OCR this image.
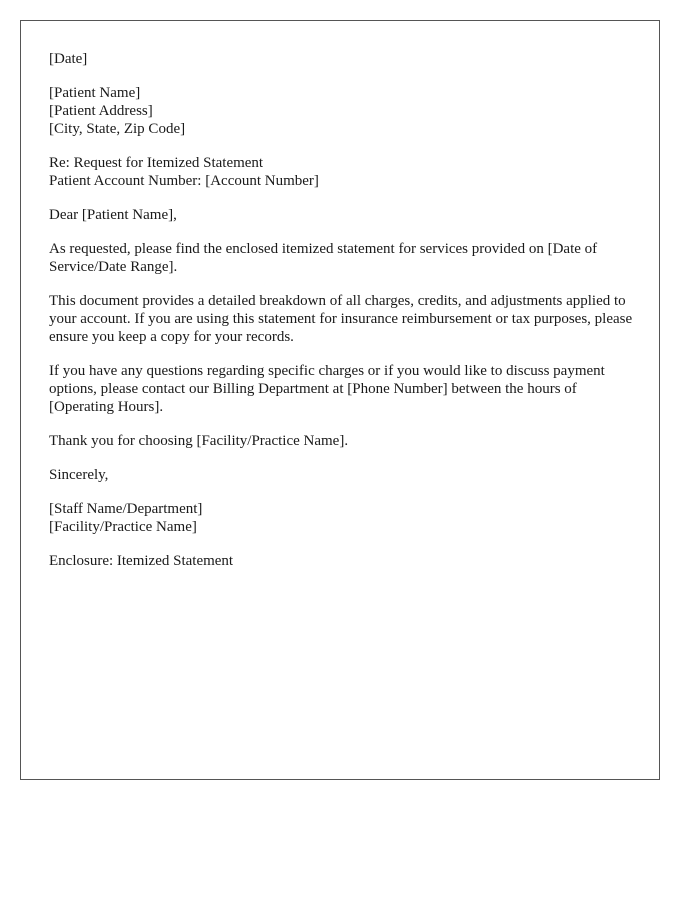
[Date]
[Patient Name]
[Patient Address]
[City, State, Zip Code]
Re: Request for Itemized Statement
Patient Account Number: [Account Number]
Dear [Patient Name],
As requested, please find the enclosed itemized statement for services provided on [Date of Service/Date Range].
This document provides a detailed breakdown of all charges, credits, and adjustments applied to your account. If you are using this statement for insurance reimbursement or tax purposes, please ensure you keep a copy for your records.
If you have any questions regarding specific charges or if you would like to discuss payment options, please contact our Billing Department at [Phone Number] between the hours of [Operating Hours].
Thank you for choosing [Facility/Practice Name].
Sincerely,
[Staff Name/Department]
[Facility/Practice Name]
Enclosure: Itemized Statement
